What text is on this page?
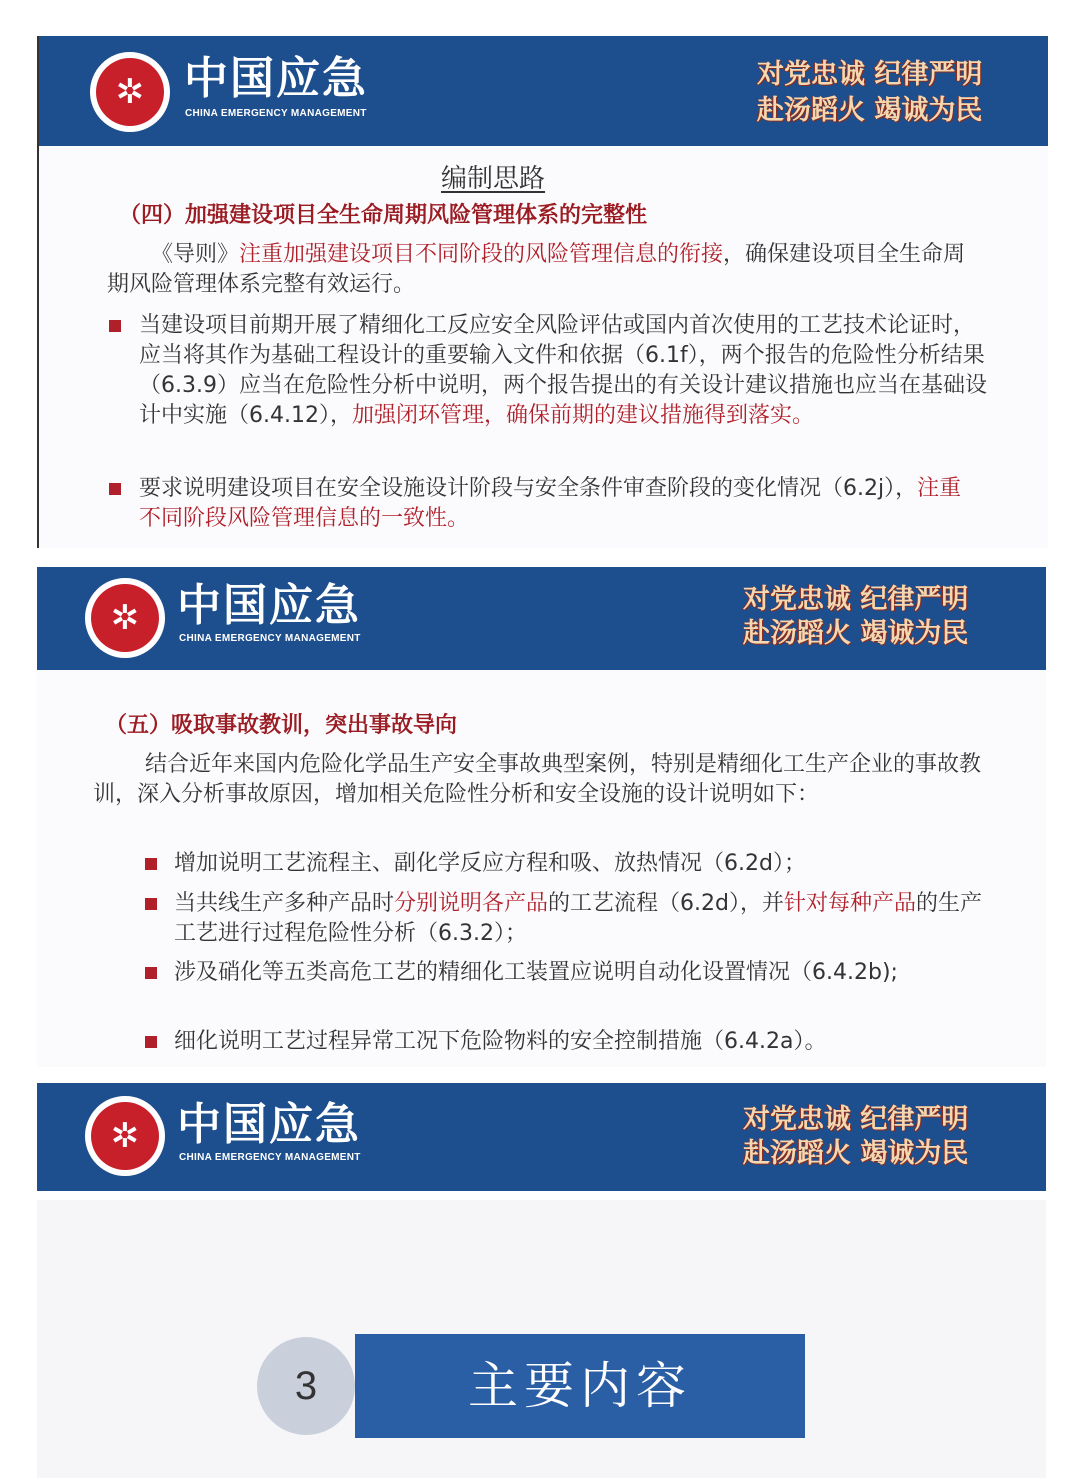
✲ 中国应急
CHINA EMERGENCY MANAGEMENT
对党忠诚 纪律严明
赴汤蹈火 竭诚为民
编制思路
（四）加强建设项目全生命周期风险管理体系的完整性
《导则》注重加强建设项目不同阶段的风险管理信息的衔接，确保建设项目全生命周期风险管理体系完整有效运行。
当建设项目前期开展了精细化工反应安全风险评估或国内首次使用的工艺技术论证时，应当将其作为基础工程设计的重要输入文件和依据（6.1f），两个报告的危险性分析结果（6.3.9）应当在危险性分析中说明，两个报告提出的有关设计建议措施也应当在基础设计中实施（6.4.12），加强闭环管理，确保前期的建议措施得到落实。
要求说明建设项目在安全设施设计阶段与安全条件审查阶段的变化情况（6.2j），注重不同阶段风险管理信息的一致性。
✲ 中国应急
CHINA EMERGENCY MANAGEMENT
对党忠诚 纪律严明
赴汤蹈火 竭诚为民
（五）吸取事故教训，突出事故导向
结合近年来国内危险化学品生产安全事故典型案例，特别是精细化工生产企业的事故教训，深入分析事故原因，增加相关危险性分析和安全设施的设计说明如下：
增加说明工艺流程主、副化学反应方程和吸、放热情况（6.2d）；
当共线生产多种产品时分别说明各产品的工艺流程（6.2d），并针对每种产品的生产工艺进行过程危险性分析（6.3.2）；
涉及硝化等五类高危工艺的精细化工装置应说明自动化设置情况（6.4.2b);
细化说明工艺过程异常工况下危险物料的安全控制措施（6.4.2a）。
✲ 中国应急
CHINA EMERGENCY MANAGEMENT
对党忠诚 纪律严明
赴汤蹈火 竭诚为民
主要内容
3
